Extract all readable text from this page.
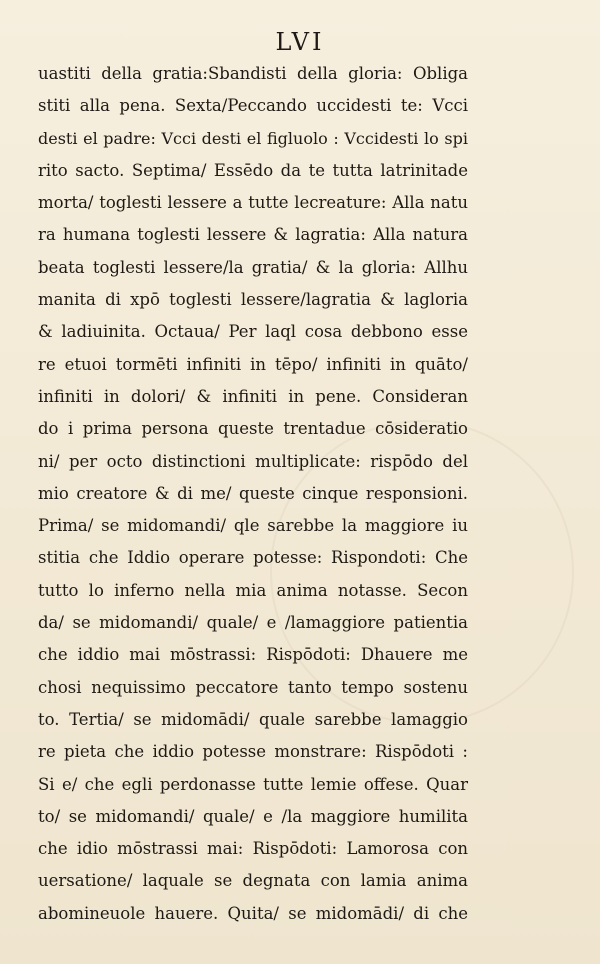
LVI
uastiti della gratia:Sbandisti della gloria: Obliga
stiti alla pena. Sexta/Peccando uccidesti te: Vcci
desti el padre: Vcci desti el figluolo : Vccidesti lo spi
rito sacto. Septima/ Essēdo da te tutta latrinitade
morta/ toglesti lessere a tutte lecreature: Alla natu
ra humana toglesti lessere & lagratia: Alla natura
beata toglesti lessere/la gratia/ & la gloria: Allhu
manita di xpō toglesti lessere/lagratia & lagloria
& ladiuinita. Octaua/ Per laql cosa debbono esse
re etuoi tormēti infiniti in tēpo/ infiniti in quāto/
infiniti in dolori/ & infiniti in pene. Consideran
do i prima persona queste trentadue cōsideratio
ni/ per octo distinctioni multiplicate: rispōdo del
mio creatore & di me/ queste cinque responsioni.
Prima/ se midomandi/ qle sarebbe la maggiore iu
stitia che Iddio operare potesse: Rispondoti: Che
tutto lo inferno nella mia anima notasse. Secon
da/ se midomandi/ quale/ e /lamaggiore patientia
che iddio mai mōstrassi: Rispōdoti: Dhauere me
chosi nequissimo peccatore tanto tempo sostenu
to. Tertia/ se midomādi/ quale sarebbe lamaggio
re pieta che iddio potesse monstrare: Rispōdoti :
Si e/ che egli perdonasse tutte lemie offese. Quar
to/ se midomandi/ quale/ e /la maggiore humilita
che idio mōstrassi mai: Rispōdoti: Lamorosa con
uersatione/ laquale se degnata con lamia anima
abomineuole hauere. Quita/ se midomādi/ di che
